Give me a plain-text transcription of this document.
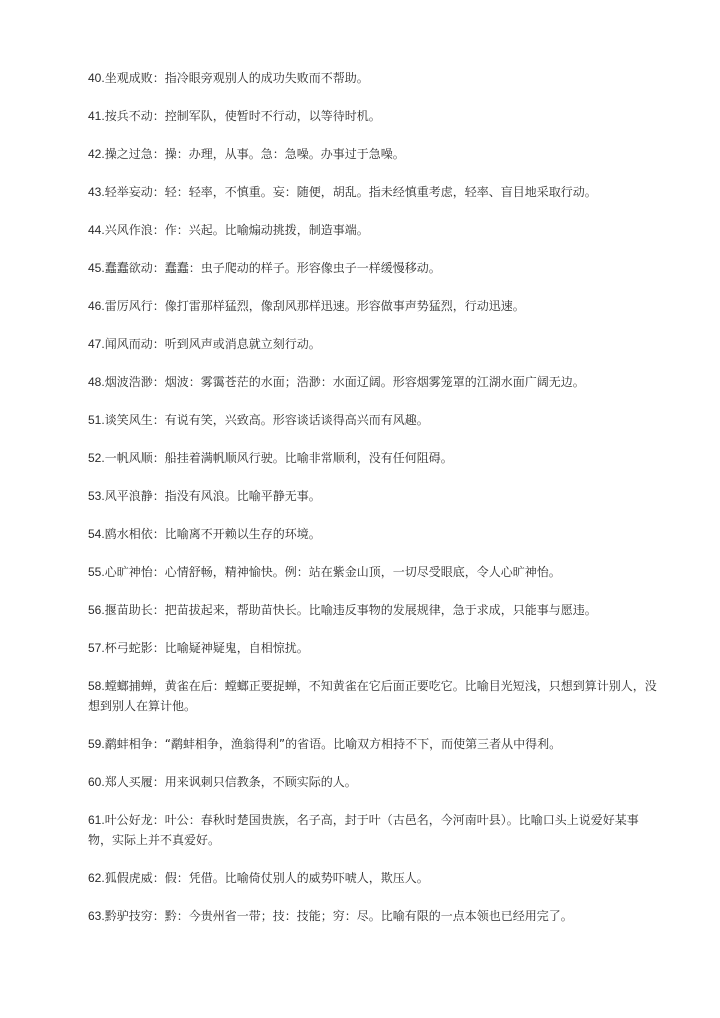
40.坐观成败：指冷眼旁观别人的成功失败而不帮助。

41.按兵不动：控制军队，使暂时不行动，以等待时机。

42.操之过急：操：办理，从事。急：急噪。办事过于急噪。

43.轻举妄动：轻：轻率，不慎重。妄：随便，胡乱。指未经慎重考虑，轻率、盲目地采取行动。

44.兴风作浪：作：兴起。比喻煽动挑拨，制造事端。

45.蠢蠢欲动：蠢蠢：虫子爬动的样子。形容像虫子一样缓慢移动。

46.雷厉风行：像打雷那样猛烈，像刮风那样迅速。形容做事声势猛烈，行动迅速。

47.闻风而动：听到风声或消息就立刻行动。

48.烟波浩渺：烟波：雾霭苍茫的水面；浩渺：水面辽阔。形容烟雾笼罩的江湖水面广阔无边。

51.谈笑风生：有说有笑，兴致高。形容谈话谈得高兴而有风趣。

52.一帆风顺：船挂着满帆顺风行驶。比喻非常顺利，没有任何阻碍。

53.风平浪静：指没有风浪。比喻平静无事。

54.鸥水相依：比喻离不开赖以生存的环境。

55.心旷神怡：心情舒畅，精神愉快。例：站在紫金山顶，一切尽受眼底，令人心旷神怡。

56.揠苗助长：把苗拔起来，帮助苗快长。比喻违反事物的发展规律，急于求成，只能事与愿违。

57.杯弓蛇影：比喻疑神疑鬼，自相惊扰。

58.螳螂捕蝉，黄雀在后：螳螂正要捉蝉，不知黄雀在它后面正要吃它。比喻目光短浅，只想到算计别人，没想到别人在算计他。

59.鹬蚌相争：“鹬蚌相争，渔翁得利”的省语。比喻双方相持不下，而使第三者从中得利。

60.郑人买履：用来讽刺只信教条，不顾实际的人。

61.叶公好龙：叶公：春秋时楚国贵族，名子高，封于叶（古邑名，今河南叶县）。比喻口头上说爱好某事物，实际上并不真爱好。

62.狐假虎威：假：凭借。比喻倚仗别人的威势吓唬人，欺压人。

63.黔驴技穷：黔：今贵州省一带；技：技能；穷：尽。比喻有限的一点本领也已经用完了。
